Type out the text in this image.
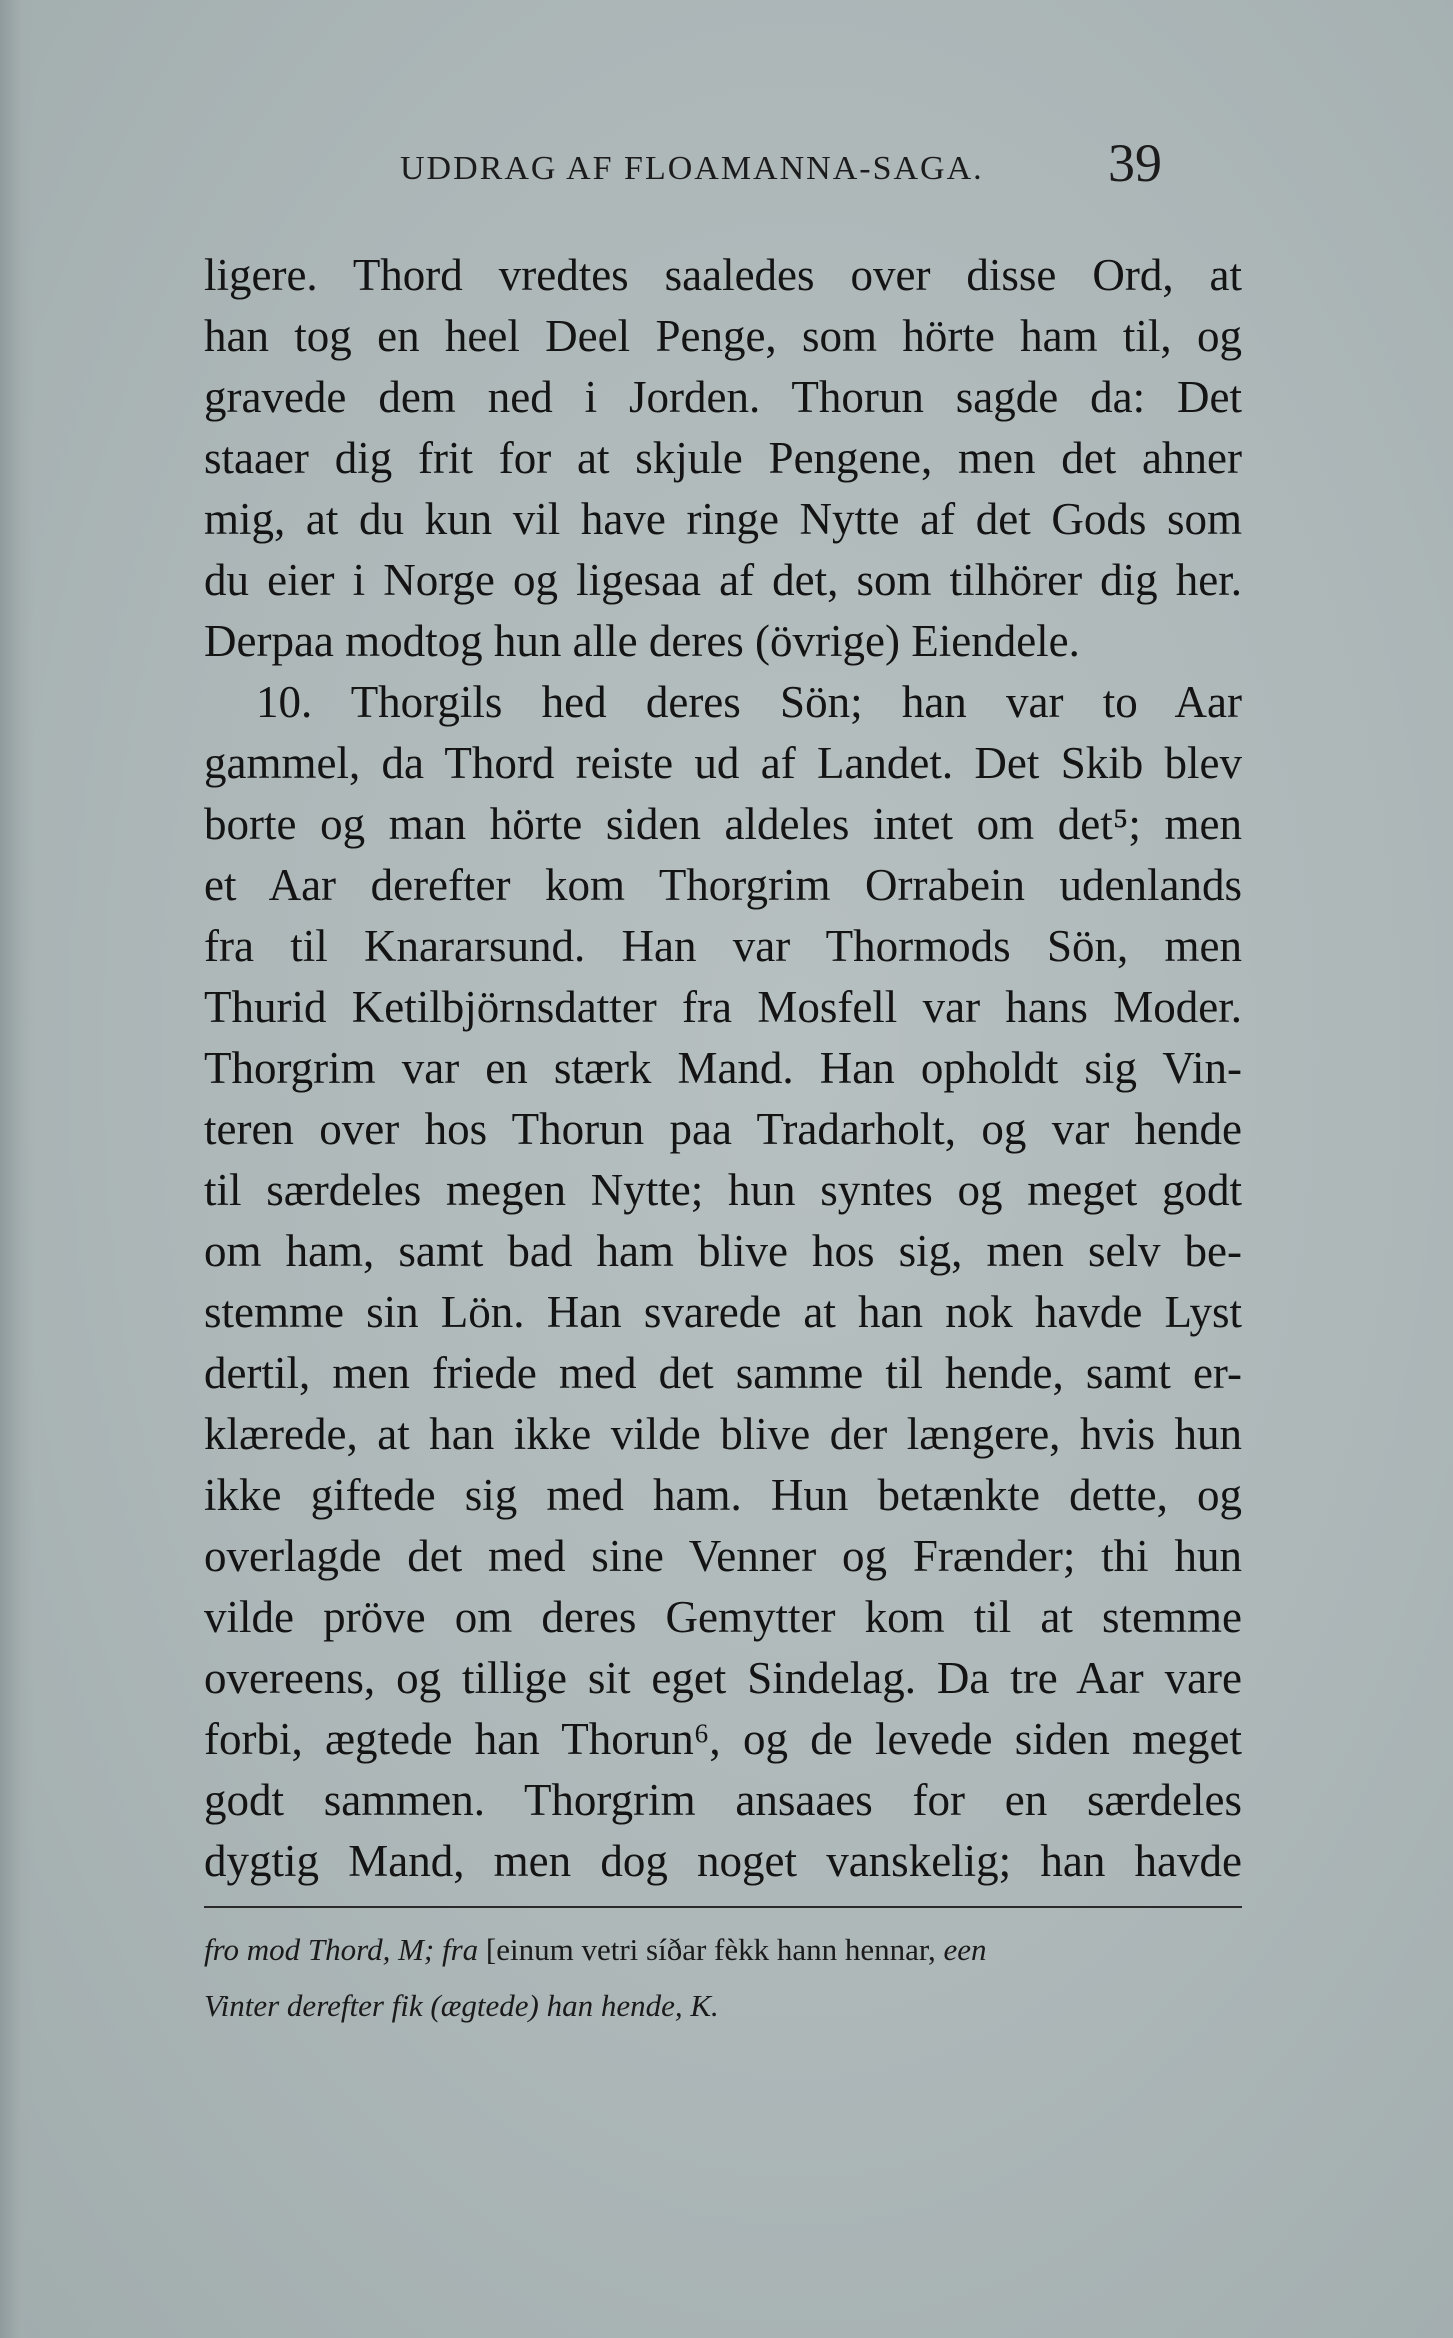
UDDRAG AF FLOAMANNA-SAGA. 39
ligere. Thord vredtes saaledes over disse Ord, at
han tog en heel Deel Penge, som hörte ham til, og
gravede dem ned i Jorden. Thorun sagde da: Det
staaer dig frit for at skjule Pengene, men det ahner
mig, at du kun vil have ringe Nytte af det Gods som
du eier i Norge og ligesaa af det, som tilhörer dig her.
Derpaa modtog hun alle deres (övrige) Eiendele.
10. Thorgils hed deres Sön; han var to Aar
gammel, da Thord reiste ud af Landet. Det Skib blev
borte og man hörte siden aldeles intet om det⁵; men
et Aar derefter kom Thorgrim Orrabein udenlands
fra til Knararsund. Han var Thormods Sön, men
Thurid Ketilbjörnsdatter fra Mosfell var hans Moder.
Thorgrim var en stærk Mand. Han opholdt sig Vin-
teren over hos Thorun paa Tradarholt, og var hende
til særdeles megen Nytte; hun syntes og meget godt
om ham, samt bad ham blive hos sig, men selv be-
stemme sin Lön. Han svarede at han nok havde Lyst
dertil, men friede med det samme til hende, samt er-
klærede, at han ikke vilde blive der længere, hvis hun
ikke giftede sig med ham. Hun betænkte dette, og
overlagde det med sine Venner og Frænder; thi hun
vilde pröve om deres Gemytter kom til at stemme
overeens, og tillige sit eget Sindelag. Da tre Aar vare
forbi, ægtede han Thorun⁶, og de levede siden meget
godt sammen. Thorgrim ansaaes for en særdeles
dygtig Mand, men dog noget vanskelig; han havde
fro mod Thord, M; fra [einum vetri síðar fèkk hann hennar, een
Vinter derefter fik (ægtede) han hende, K.
